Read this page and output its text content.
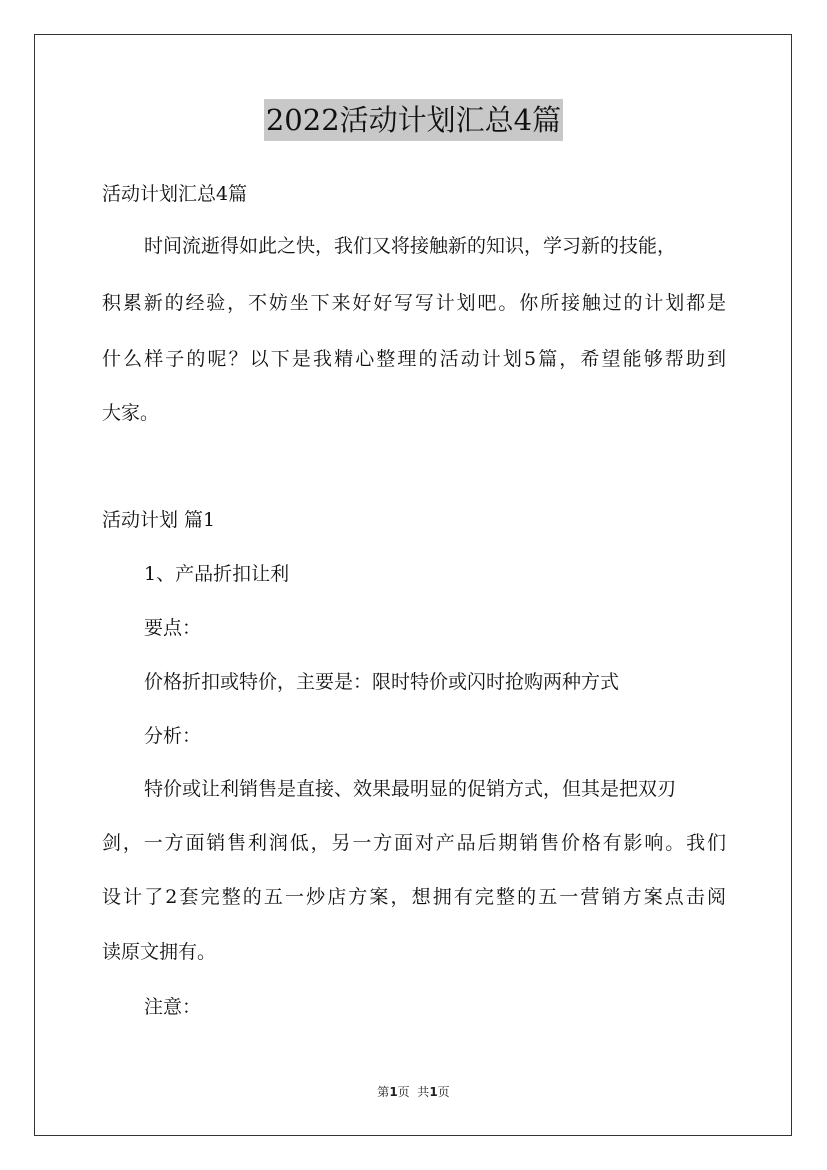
2022活动计划汇总4篇
活动计划汇总4篇
时间流逝得如此之快，我们又将接触新的知识，学习新的技能，
积累新的经验，不妨坐下来好好写写计划吧。你所接触过的计划都是
什么样子的呢？以下是我精心整理的活动计划5篇，希望能够帮助到
大家。
活动计划 篇1
1、产品折扣让利
要点：
价格折扣或特价，主要是：限时特价或闪时抢购两种方式
分析：
特价或让利销售是直接、效果最明显的促销方式，但其是把双刃
剑，一方面销售利润低，另一方面对产品后期销售价格有影响。我们
设计了2套完整的五一炒店方案，想拥有完整的五一营销方案点击阅
读原文拥有。
注意：
第1页  共1页
